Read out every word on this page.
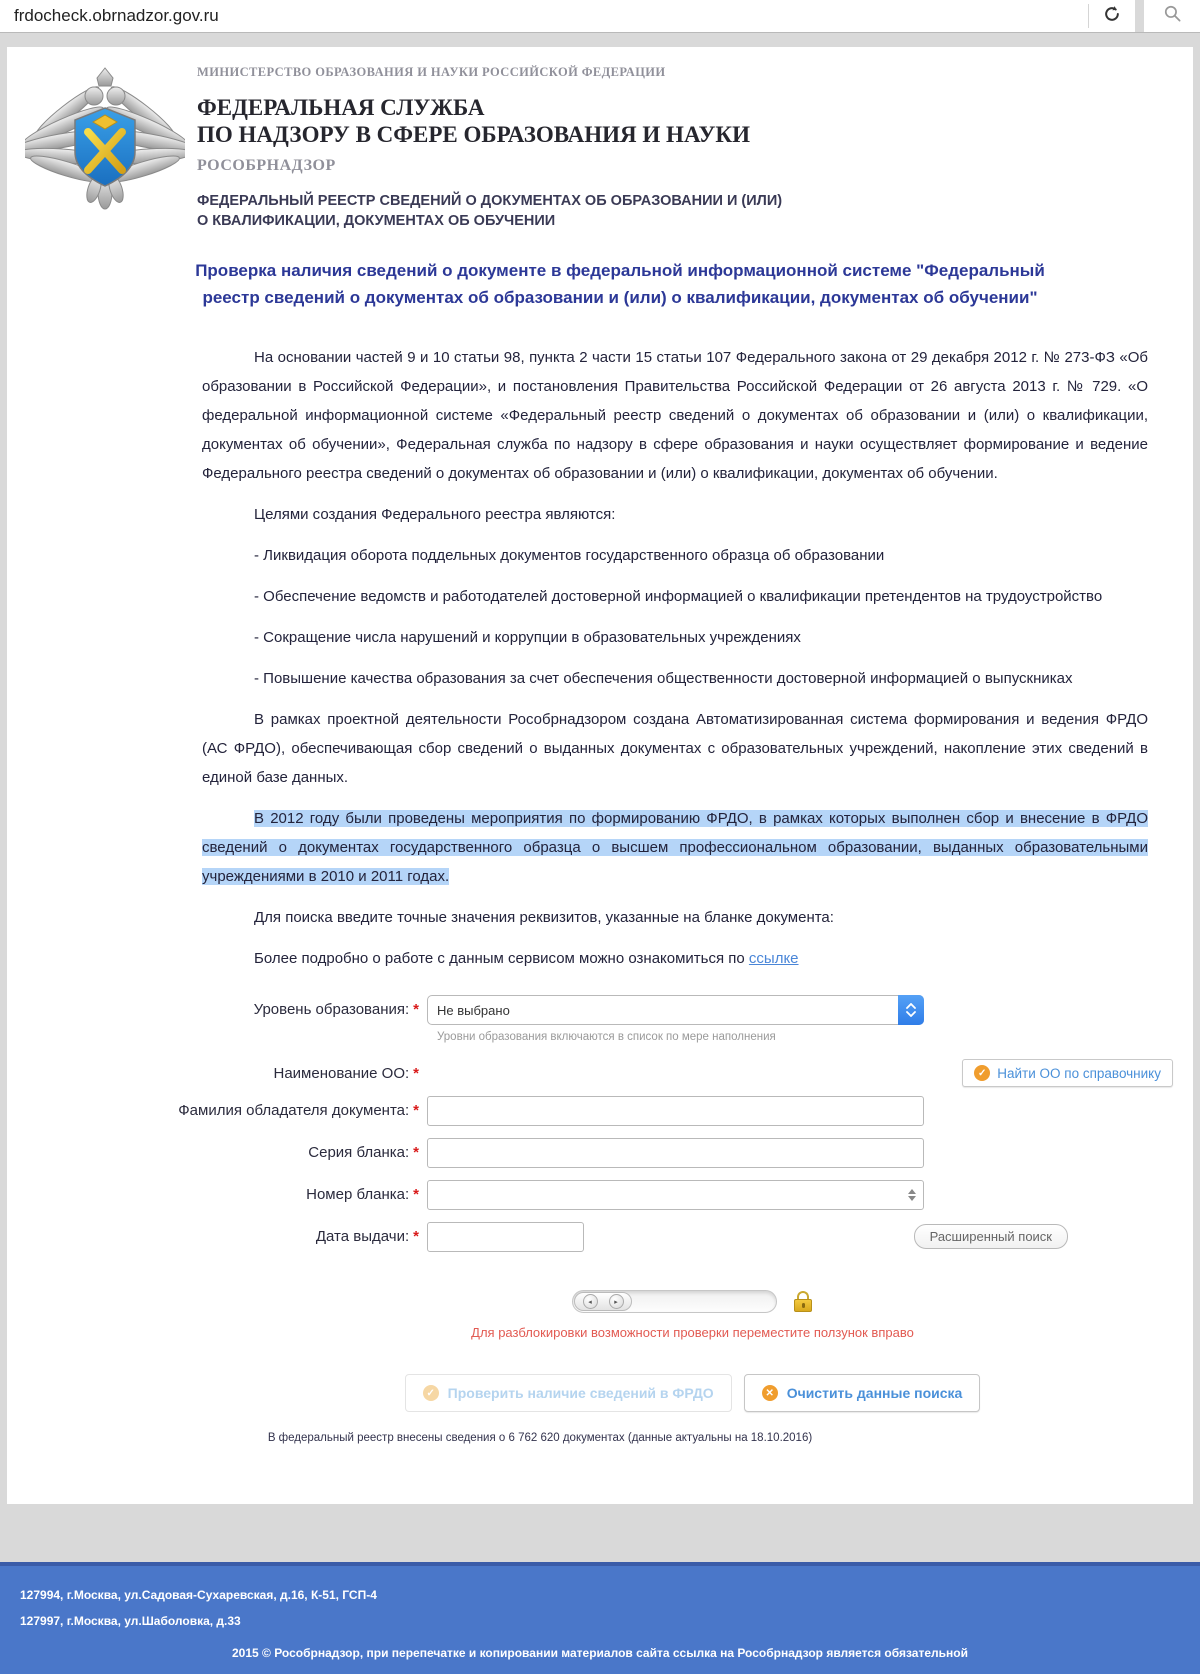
frdocheck.obrnadzor.gov.ru
МИНИСТЕРСТВО ОБРАЗОВАНИЯ И НАУКИ РОССИЙСКОЙ ФЕДЕРАЦИИ
ФЕДЕРАЛЬНАЯ СЛУЖБА
ПО НАДЗОРУ В СФЕРЕ ОБРАЗОВАНИЯ И НАУКИ
РОСОБРНАДЗОР
ФЕДЕРАЛЬНЫЙ РЕЕСТР СВЕДЕНИЙ О ДОКУМЕНТАХ ОБ ОБРАЗОВАНИИ И (ИЛИ)
О КВАЛИФИКАЦИИ, ДОКУМЕНТАХ ОБ ОБУЧЕНИИ
Проверка наличия сведений о документе в федеральной информационной системе "Федеральный реестр сведений о документах об образовании и (или) о квалификации, документах об обучении"

На основании частей 9 и 10 статьи 98, пункта 2 части 15 статьи 107 Федерального закона от 29 декабря 2012 г. № 273-ФЗ «Об образовании в Российской Федерации», и постановления Правительства Российской Федерации от 26 августа 2013 г. № 729. «О федеральной информационной системе «Федеральный реестр сведений о документах об образовании и (или) о квалификации, документах об обучении», Федеральная служба по надзору в сфере образования и науки осуществляет формирование и ведение Федерального реестра сведений о документах об образовании и (или) о квалификации, документах об обучении.

Целями создания Федерального реестра являются:

- Ликвидация оборота поддельных документов государственного образца об образовании

- Обеспечение ведомств и работодателей достоверной информацией о квалификации претендентов на трудоустройство

- Сокращение числа нарушений и коррупции в образовательных учреждениях

- Повышение качества образования за счет обеспечения общественности достоверной информацией о выпускниках

В рамках проектной деятельности Рособрнадзором создана Автоматизированная система формирования и ведения ФРДО (АС ФРДО), обеспечивающая сбор сведений о выданных документах с образовательных учреждений, накопление этих сведений в единой базе данных.

В 2012 году были проведены мероприятия по формированию ФРДО, в рамках которых выполнен сбор и внесение в ФРДО сведений о документах государственного образца о высшем профессиональном образовании, выданных образовательными учреждениями в 2010 и 2011 годах.

Для поиска введите точные значения реквизитов, указанные на бланке документа:

Более подробно о работе с данным сервисом можно ознакомиться по ссылке

Уровень образования: *	Не выбрано
Уровни образования включаются в список по мере наполнения
Наименование ОО: *	✓ Найти ОО по справочнику
Фамилия обладателя документа: *
Серия бланка: *
Номер бланка: *
Дата выдачи: *	Расширенный поиск
◂	▸
Для разблокировки возможности проверки переместите ползунок вправо
✓ Проверить наличие сведений в ФРДО	✕ Очистить данные поиска
В федеральный реестр внесены сведения о 6 762 620 документах (данные актуальны на 18.10.2016)
127994, г.Москва, ул.Садовая-Сухаревская, д.16, К-51, ГСП-4
127997, г.Москва, ул.Шаболовка, д.33
2015 © Рособрнадзор, при перепечатке и копировании материалов сайта ссылка на Рособрнадзор является обязательной
